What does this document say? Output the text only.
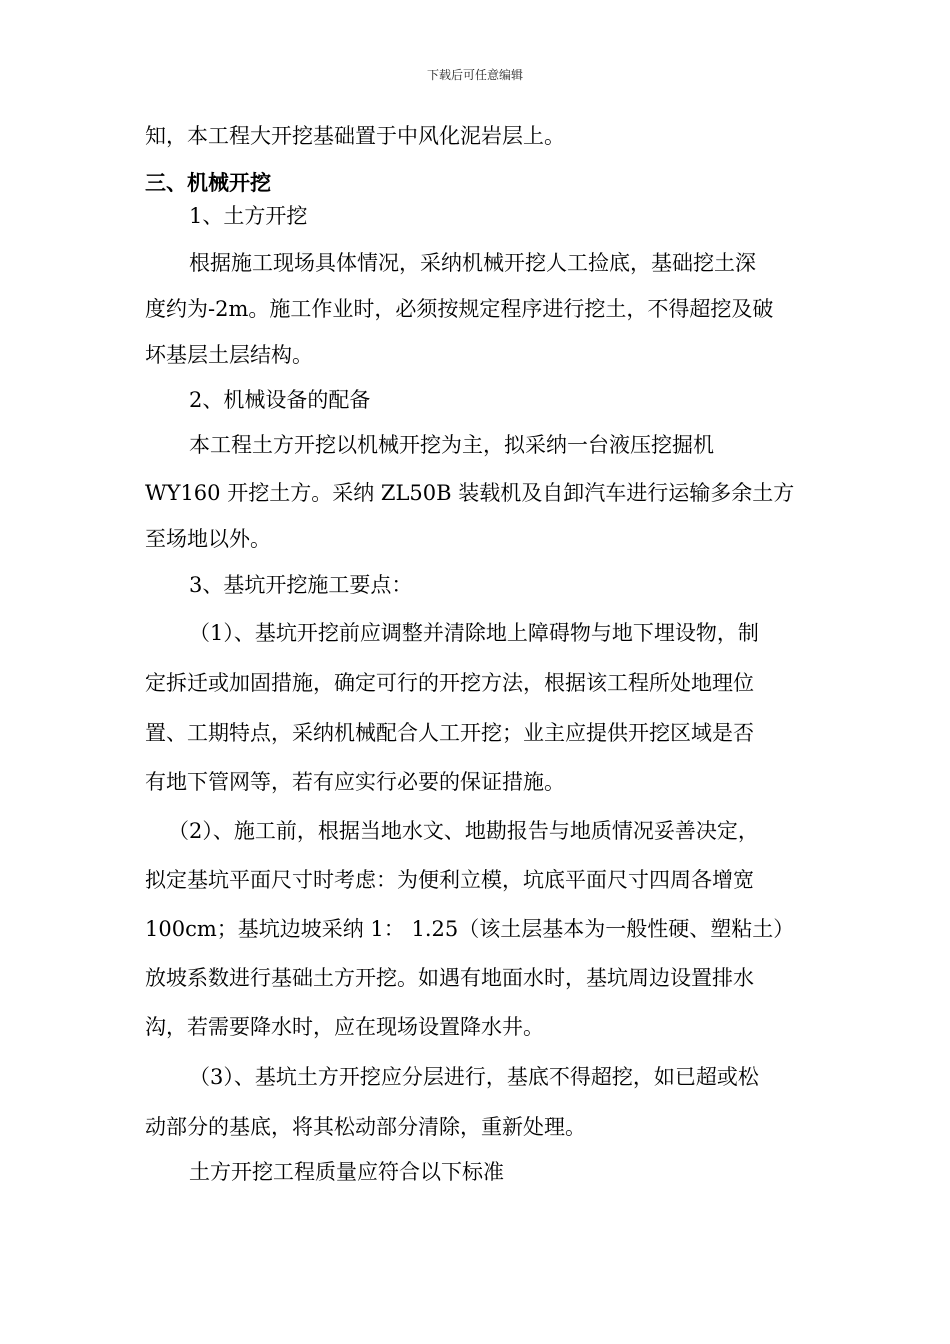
下载后可任意编辑
知，本工程大开挖基础置于中风化泥岩层上。
三、机械开挖
1、土方开挖
根据施工现场具体情况，采纳机械开挖人工捡底，基础挖土深
度约为-2m。施工作业时，必须按规定程序进行挖土，不得超挖及破
坏基层土层结构。
2、机械设备的配备
本工程土方开挖以机械开挖为主，拟采纳一台液压挖掘机
WY160 开挖土方。采纳 ZL50B 装载机及自卸汽车进行运输多余土方
至场地以外。
3、基坑开挖施工要点：
（1）、基坑开挖前应调整并清除地上障碍物与地下埋设物，制
定拆迁或加固措施，确定可行的开挖方法，根据该工程所处地理位
置、工期特点，采纳机械配合人工开挖；业主应提供开挖区域是否
有地下管网等，若有应实行必要的保证措施。
（2）、施工前，根据当地水文、地勘报告与地质情况妥善决定，
拟定基坑平面尺寸时考虑：为便利立模，坑底平面尺寸四周各增宽
100cm；基坑边坡采纳 1： 1.25（该土层基本为一般性硬、塑粘土）
放坡系数进行基础土方开挖。如遇有地面水时，基坑周边设置排水
沟，若需要降水时，应在现场设置降水井。
（3）、基坑土方开挖应分层进行，基底不得超挖，如已超或松
动部分的基底，将其松动部分清除，重新处理。
土方开挖工程质量应符合以下标准
